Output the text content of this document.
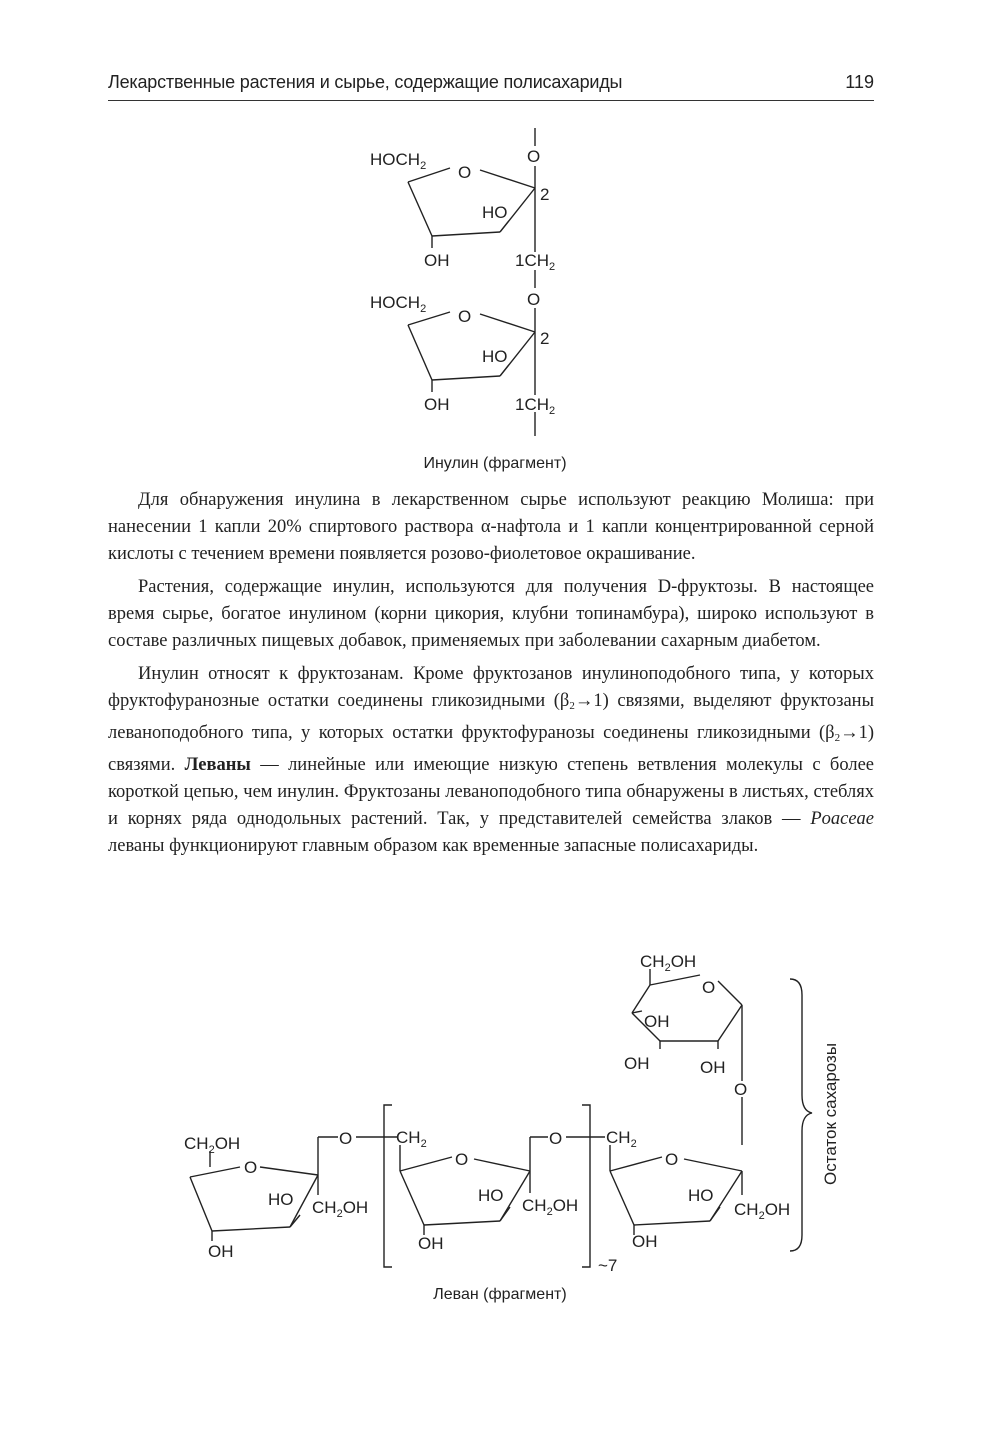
Лекарственные растения и сырье, содержащие полисахариды	119
$HOCH_2$ O
O
2
HO
OH	$1CH_2$
O
$HOCH_2$ O
2
HO
OH	$1CH_2$
Инулин (фрагмент)

Для обнаружения инулина в лекарственном сырье используют реакцию Молиша: при нанесении 1 капли 20% спиртового раствора α-нафтола и 1 капли концентрированной серной кислоты с течением времени появляется розово-фиолетовое окрашивание.

Растения, содержащие инулин, используются для получения D-фруктозы. В настоящее время сырье, богатое инулином (корни цикория, клубни топинамбура), широко используют в составе различных пищевых добавок, применяемых при заболевании сахарным диабетом.

Инулин относят к фруктозанам. Кроме фруктозанов инулиноподобного типа, у которых фруктофуранозные остатки соединены гликозидными $(\beta_2\to 1)$ связями, выделяют фруктозаны леваноподобного типа, у которых остатки фруктофуранозы соединены гликозидными $(\beta_2\to 1)$ связями. Леваны — линейные или имеющие низкую степень ветвления молекулы с более короткой цепью, чем инулин. Фруктозаны леваноподобного типа обнаружены в листьях, стеблях и корнях ряда однодольных растений. Так, у представителей семейства злаков — Poaceae леваны функционируют главным образом как временные запасные полисахариды.

$CH_2OH$
O
OH
OH	OH
O
$CH_2OH$
O
HO $CH_2OH$
OH
O	$CH_2$
O
HO
$CH_2OH$
OH
O
~7
$CH_2$
O
HO
$CH_2OH$
OH
Остаток сахарозы
Леван (фрагмент)
